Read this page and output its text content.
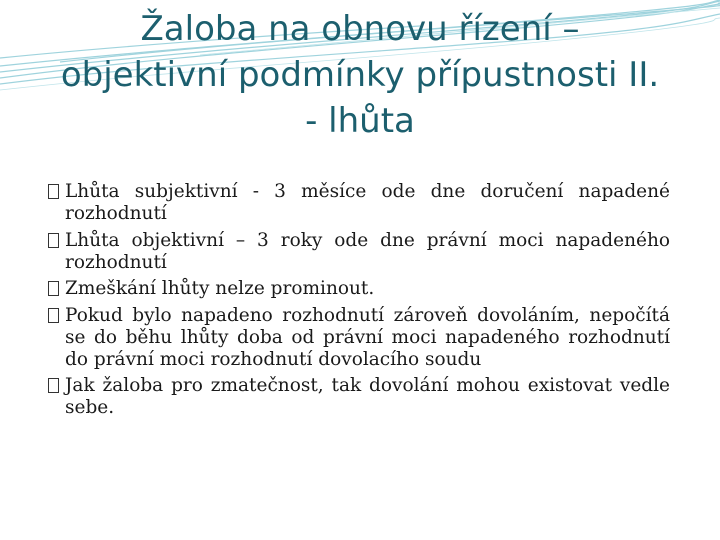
Žaloba na obnovu řízení –
objektivní podmínky přípustnosti II.
- lhůta
Lhůta subjektivní - 3 měsíce ode dne doručení napadené rozhodnutí
Lhůta objektivní – 3 roky ode dne právní moci napadeného rozhodnutí
Zmeškání lhůty nelze prominout.
Pokud bylo napadeno rozhodnutí zároveň dovoláním, nepočítá se do běhu lhůty doba od právní moci napadeného rozhodnutí do právní moci rozhodnutí dovolacího soudu
Jak žaloba pro zmatečnost, tak dovolání mohou existovat vedle sebe.
